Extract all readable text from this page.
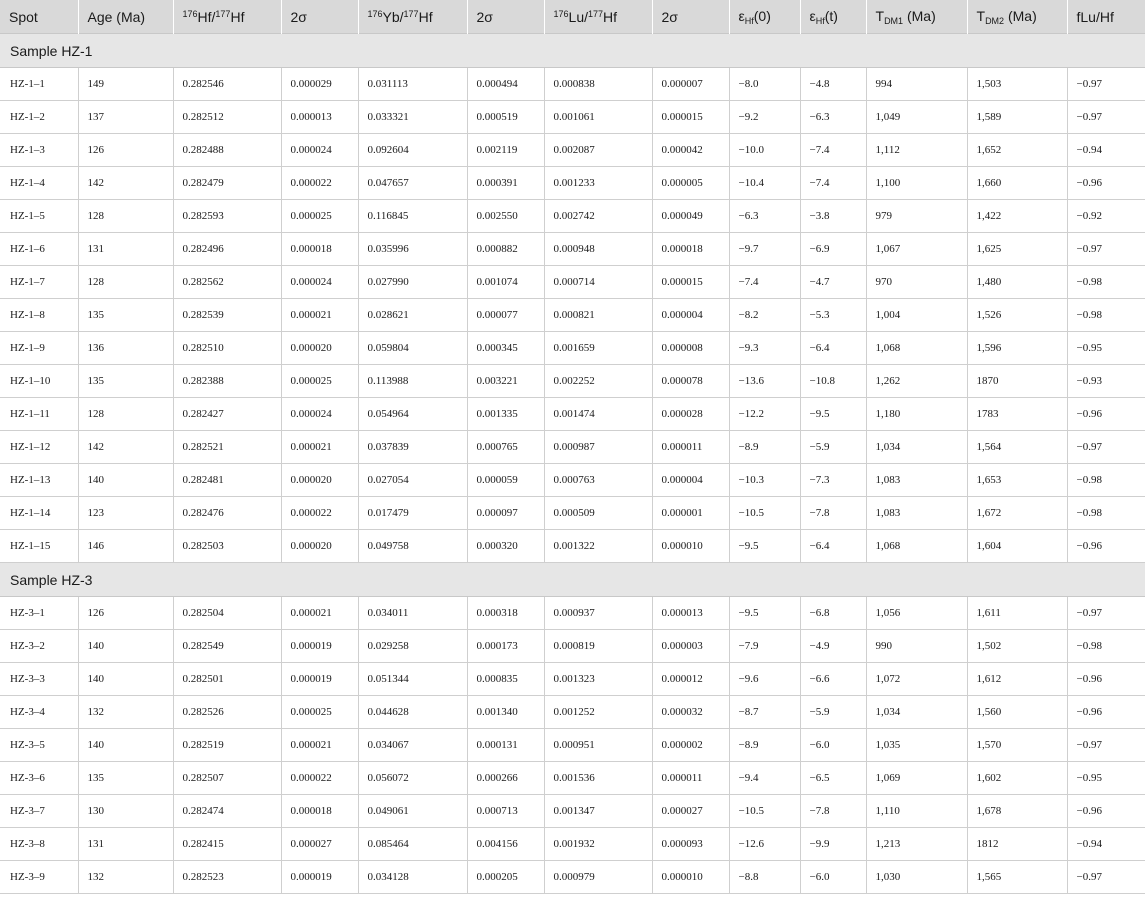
Spot	Age (Ma)	$^{176}$Hf/$^{177}$Hf	2σ	$^{176}$Yb/$^{177}$Hf	2σ	$^{176}$Lu/$^{177}$Hf	2σ	$\varepsilon_{Hf}(0)$	$\varepsilon_{Hf}(t)$	$T_{DM1}$ (Ma)	$T_{DM2}$ (Ma)	fLu/Hf
Sample HZ-1												
HZ-1–1	149	0.282546	0.000029	0.031113	0.000494	0.000838	0.000007	−8.0	−4.8	994	1,503	−0.97
HZ-1–2	137	0.282512	0.000013	0.033321	0.000519	0.001061	0.000015	−9.2	−6.3	1,049	1,589	−0.97
HZ-1–3	126	0.282488	0.000024	0.092604	0.002119	0.002087	0.000042	−10.0	−7.4	1,112	1,652	−0.94
HZ-1–4	142	0.282479	0.000022	0.047657	0.000391	0.001233	0.000005	−10.4	−7.4	1,100	1,660	−0.96
HZ-1–5	128	0.282593	0.000025	0.116845	0.002550	0.002742	0.000049	−6.3	−3.8	979	1,422	−0.92
HZ-1–6	131	0.282496	0.000018	0.035996	0.000882	0.000948	0.000018	−9.7	−6.9	1,067	1,625	−0.97
HZ-1–7	128	0.282562	0.000024	0.027990	0.001074	0.000714	0.000015	−7.4	−4.7	970	1,480	−0.98
HZ-1–8	135	0.282539	0.000021	0.028621	0.000077	0.000821	0.000004	−8.2	−5.3	1,004	1,526	−0.98
HZ-1–9	136	0.282510	0.000020	0.059804	0.000345	0.001659	0.000008	−9.3	−6.4	1,068	1,596	−0.95
HZ-1–10	135	0.282388	0.000025	0.113988	0.003221	0.002252	0.000078	−13.6	−10.8	1,262	1870	−0.93
HZ-1–11	128	0.282427	0.000024	0.054964	0.001335	0.001474	0.000028	−12.2	−9.5	1,180	1783	−0.96
HZ-1–12	142	0.282521	0.000021	0.037839	0.000765	0.000987	0.000011	−8.9	−5.9	1,034	1,564	−0.97
HZ-1–13	140	0.282481	0.000020	0.027054	0.000059	0.000763	0.000004	−10.3	−7.3	1,083	1,653	−0.98
HZ-1–14	123	0.282476	0.000022	0.017479	0.000097	0.000509	0.000001	−10.5	−7.8	1,083	1,672	−0.98
HZ-1–15	146	0.282503	0.000020	0.049758	0.000320	0.001322	0.000010	−9.5	−6.4	1,068	1,604	−0.96
Sample HZ-3												
HZ-3–1	126	0.282504	0.000021	0.034011	0.000318	0.000937	0.000013	−9.5	−6.8	1,056	1,611	−0.97
HZ-3–2	140	0.282549	0.000019	0.029258	0.000173	0.000819	0.000003	−7.9	−4.9	990	1,502	−0.98
HZ-3–3	140	0.282501	0.000019	0.051344	0.000835	0.001323	0.000012	−9.6	−6.6	1,072	1,612	−0.96
HZ-3–4	132	0.282526	0.000025	0.044628	0.001340	0.001252	0.000032	−8.7	−5.9	1,034	1,560	−0.96
HZ-3–5	140	0.282519	0.000021	0.034067	0.000131	0.000951	0.000002	−8.9	−6.0	1,035	1,570	−0.97
HZ-3–6	135	0.282507	0.000022	0.056072	0.000266	0.001536	0.000011	−9.4	−6.5	1,069	1,602	−0.95
HZ-3–7	130	0.282474	0.000018	0.049061	0.000713	0.001347	0.000027	−10.5	−7.8	1,110	1,678	−0.96
HZ-3–8	131	0.282415	0.000027	0.085464	0.004156	0.001932	0.000093	−12.6	−9.9	1,213	1812	−0.94
HZ-3–9	132	0.282523	0.000019	0.034128	0.000205	0.000979	0.000010	−8.8	−6.0	1,030	1,565	−0.97
